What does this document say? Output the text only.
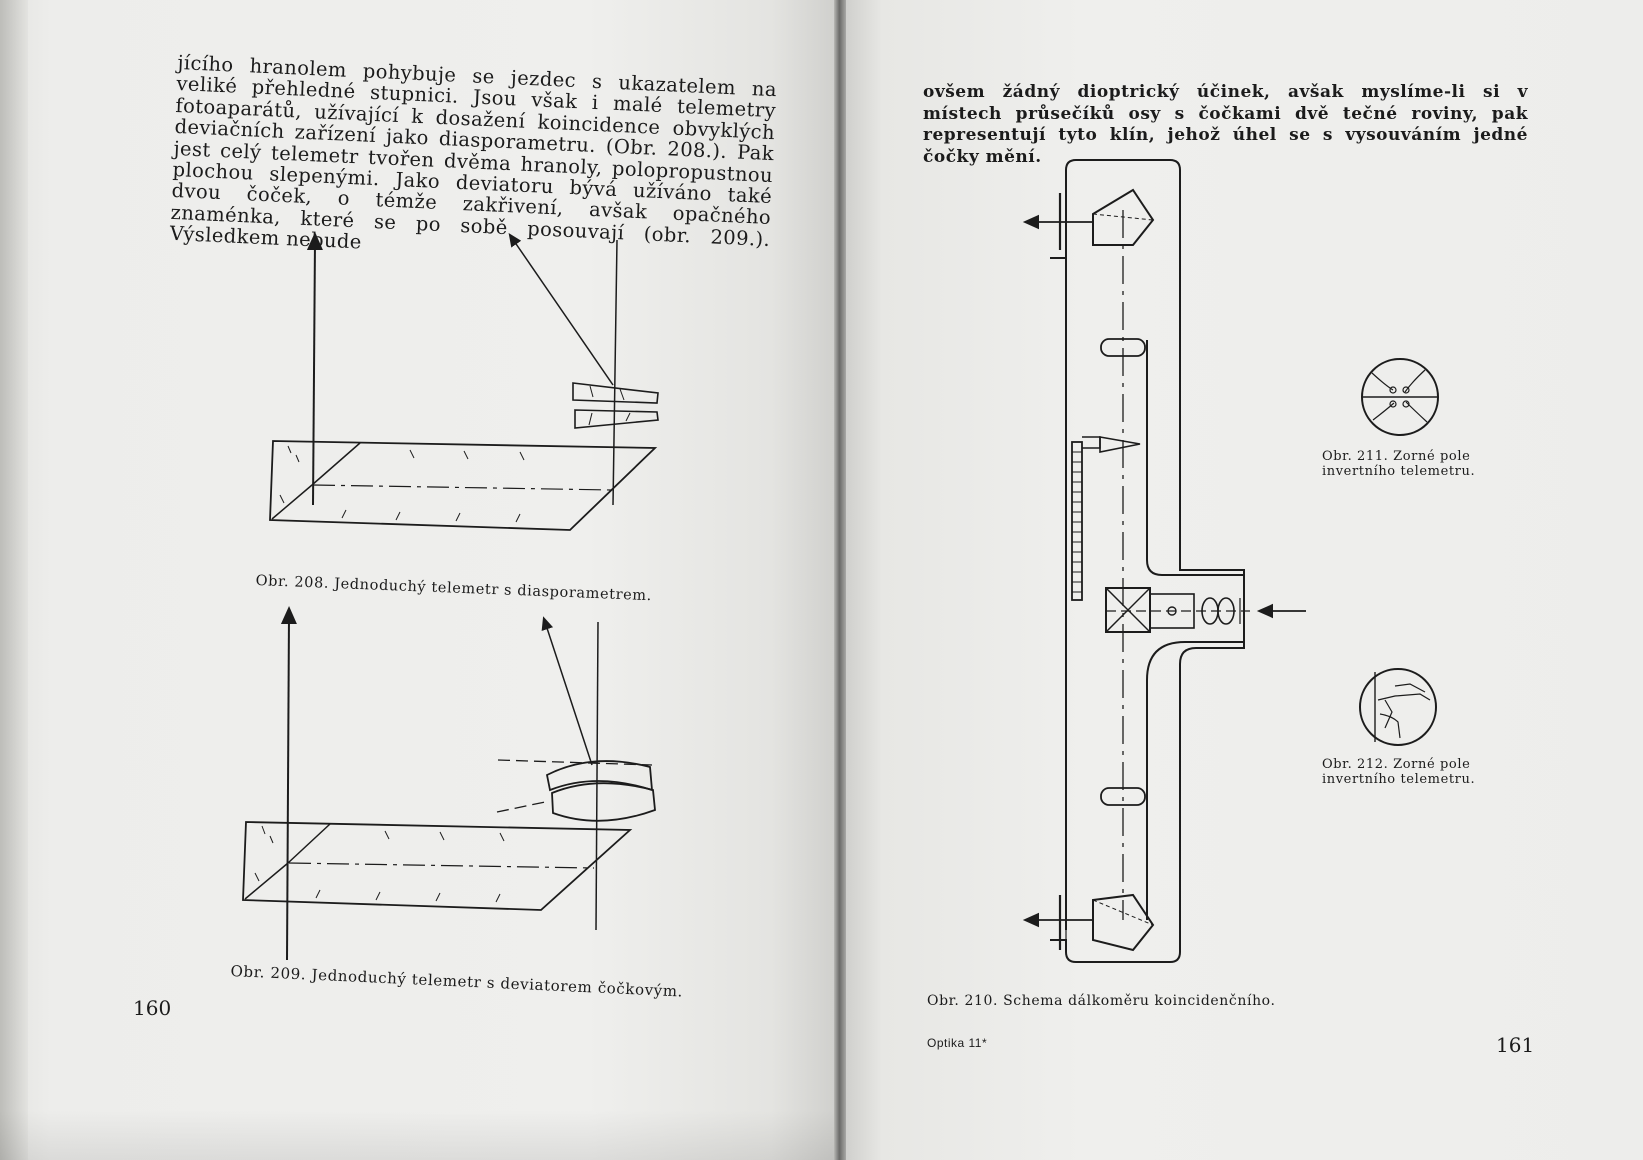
jícího hranolem pohybuje se jezdec s ukazatelem na veliké přehledné stupnici. Jsou však i malé telemetry fotoaparátů, užívající k dosažení koincidence obvyklých deviačních zařízení jako diasporametru. (Obr. 208.). Pak jest celý telemetr tvořen dvěma hranoly, polopropustnou plochou slepenými. Jako deviatoru bývá užíváno také dvou čoček, o témže zakřivení, avšak opačného znaménka, které se po sobě posouvají (obr. 209.). Výsledkem nebude

Obr. 208. Jednoduchý telemetr s diasporametrem.
Obr. 209. Jednoduchý telemetr s deviatorem čočkovým.
160

ovšem žádný dioptrický účinek, avšak myslíme-li si v místech průsečíků osy s čočkami dvě tečné roviny, pak representují tyto klín, jehož úhel se s vysouváním jedné čočky mění.

Obr. 210. Schema dálkoměru koincidenčního.
Obr. 211. Zorné pole invertního telemetru.
Obr. 212. Zorné pole invertního telemetru.
Optika 11*	161
